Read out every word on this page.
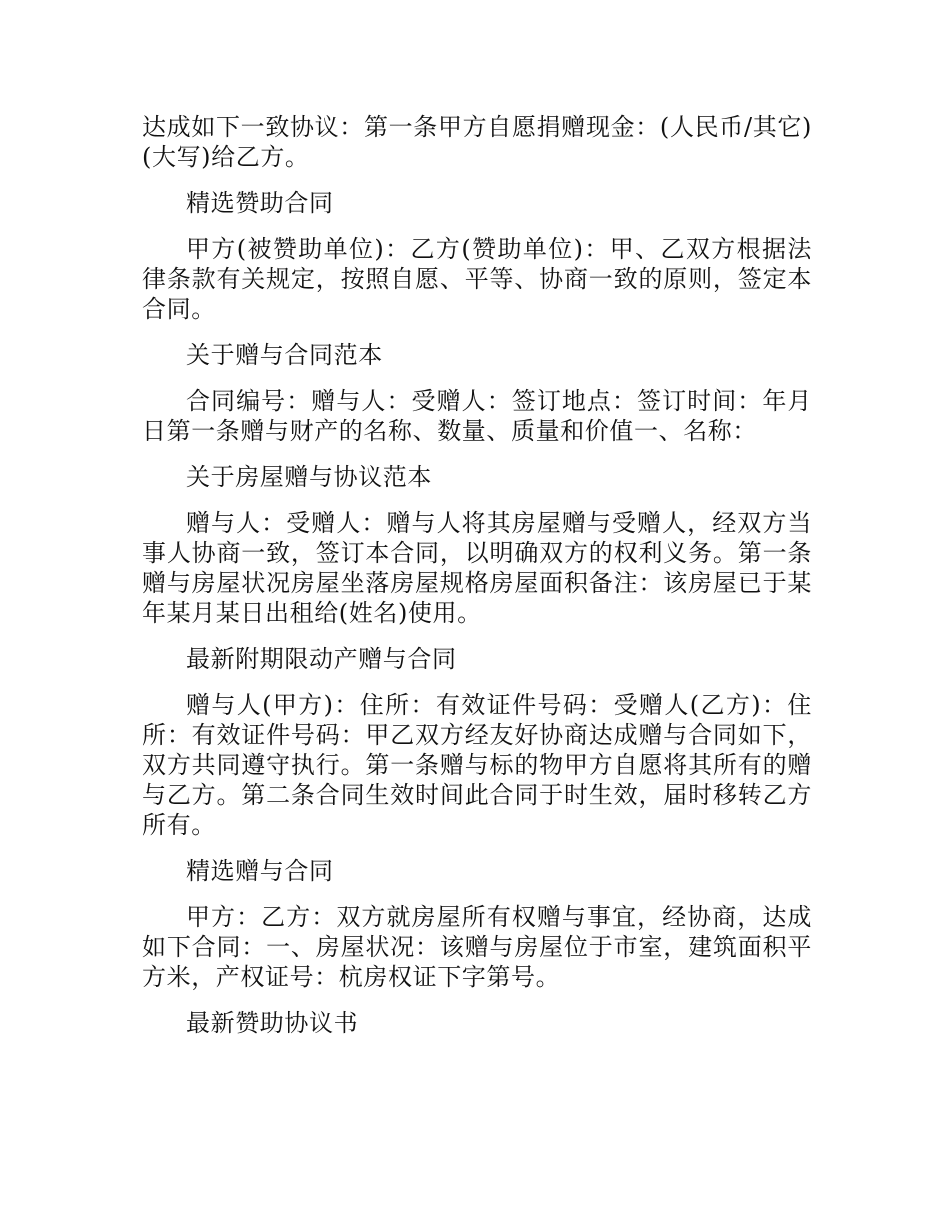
达成如下一致协议：第一条甲方自愿捐赠现金：(人民币/其它)(大写)给乙方。

精选赞助合同

甲方(被赞助单位)：乙方(赞助单位)：甲、乙双方根据法律条款有关规定，按照自愿、平等、协商一致的原则，签定本合同。

关于赠与合同范本

合同编号：赠与人：受赠人：签订地点：签订时间：年月日第一条赠与财产的名称、数量、质量和价值一、名称：

关于房屋赠与协议范本

赠与人：受赠人：赠与人将其房屋赠与受赠人，经双方当事人协商一致，签订本合同，以明确双方的权利义务。第一条赠与房屋状况房屋坐落房屋规格房屋面积备注：该房屋已于某年某月某日出租给(姓名)使用。

最新附期限动产赠与合同

赠与人(甲方)：住所：有效证件号码：受赠人(乙方)：住所：有效证件号码：甲乙双方经友好协商达成赠与合同如下，双方共同遵守执行。第一条赠与标的物甲方自愿将其所有的赠与乙方。第二条合同生效时间此合同于时生效，届时移转乙方所有。

精选赠与合同

甲方：乙方：双方就房屋所有权赠与事宜，经协商，达成如下合同：一、房屋状况：该赠与房屋位于市室，建筑面积平方米，产权证号：杭房权证下字第号。

最新赞助协议书
